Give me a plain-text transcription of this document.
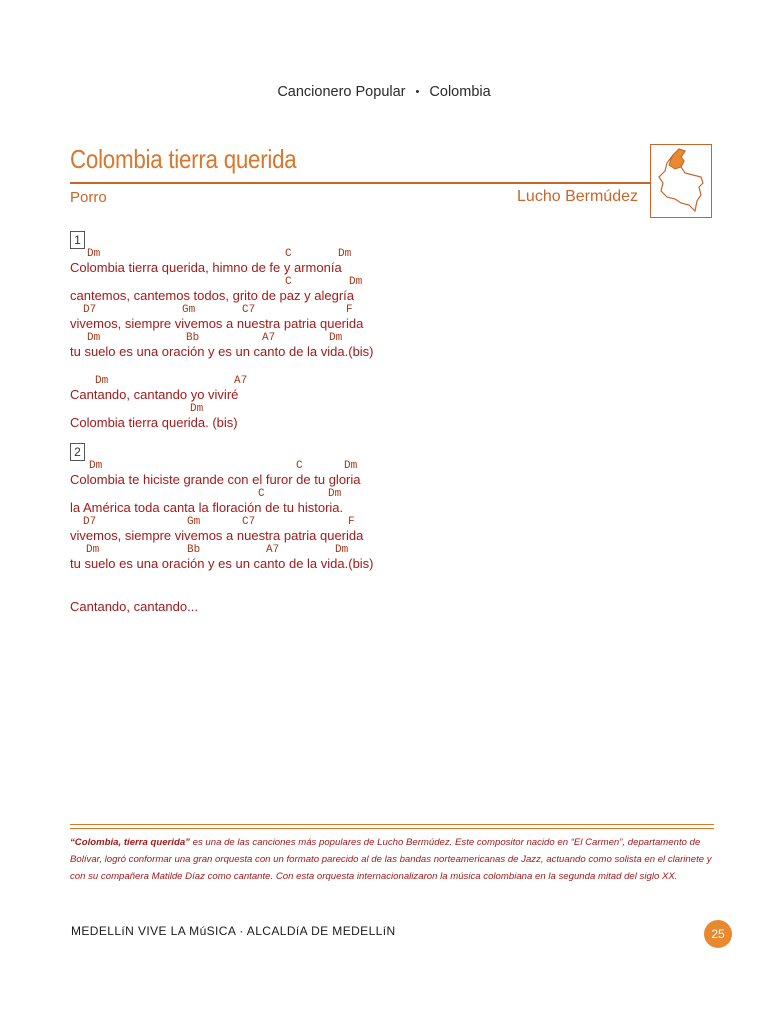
Cancionero Popular • Colombia
Colombia tierra querida
Porro	Lucho Bermúdez
1
Dm	C	Dm
Colombia tierra querida, himno de fe y armonía
C	Dm
cantemos, cantemos todos, grito de paz y alegría
D7	Gm	C7	F
vivemos, siempre vivemos a nuestra patria querida
Dm	Bb	A7	Dm
tu suelo es una oración y es un canto de la vida.(bis)
Dm	A7
Cantando, cantando yo viviré
Dm
Colombia tierra querida. (bis)
2
Dm	C	Dm
Colombia te hiciste grande con el furor de tu gloria
C	Dm
la América toda canta la floración de tu historia.
D7	Gm	C7	F
vivemos, siempre vivemos a nuestra patria querida
Dm	Bb	A7	Dm
tu suelo es una oración y es un canto de la vida.(bis)
Cantando, cantando...
“Colombia, tierra querida” es una de las canciones más populares de Lucho Bermúdez. Este compositor nacido en “El Carmen”, departamento de Bolívar, logró conformar una gran orquesta con un formato parecido al de las bandas norteamericanas de Jazz, actuando como solista en el clarinete y con su compañera Matilde Díaz como cantante. Con esta orquesta internacionalizaron la música colombiana en la segunda mitad del siglo XX.
MEDELLíN VIVE LA MúSICA · ALCALDíA DE MEDELLíN	25
